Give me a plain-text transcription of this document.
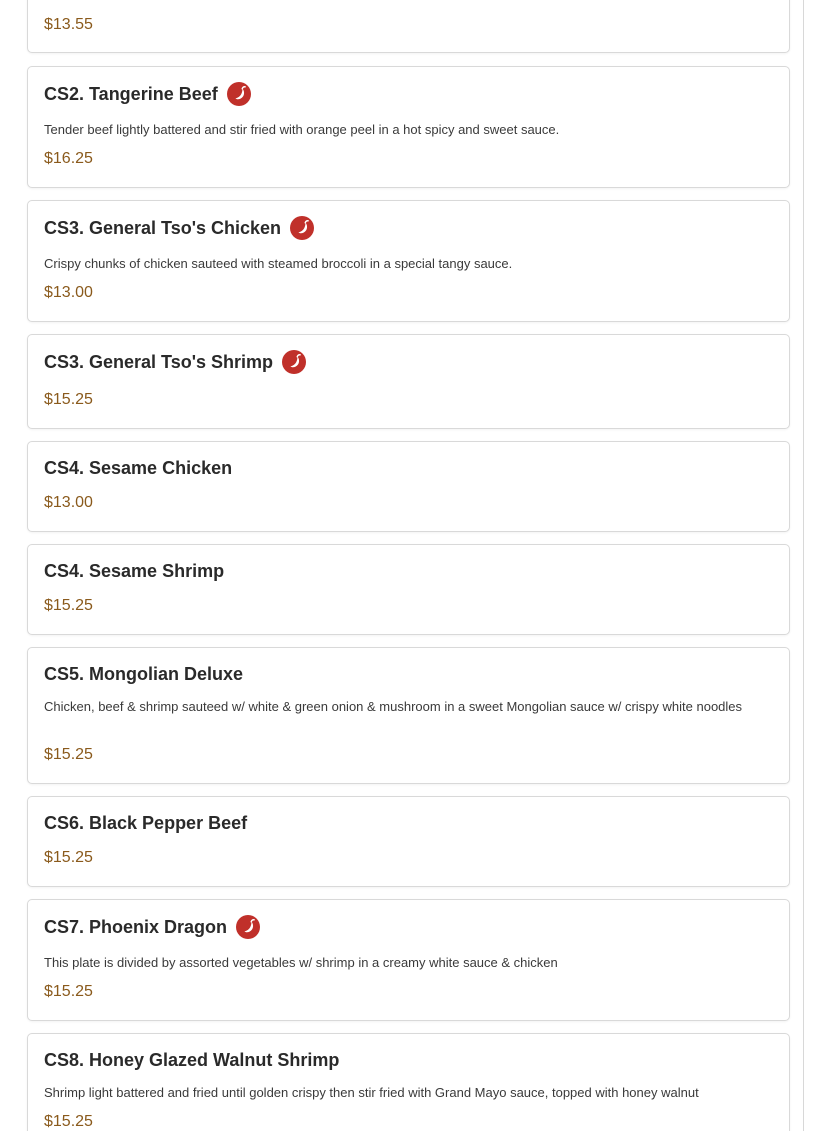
$13.55
CS2. Tangerine Beef
Tender beef lightly battered and stir fried with orange peel in a hot spicy and sweet sauce.
$16.25
CS3. General Tso's Chicken
Crispy chunks of chicken sauteed with steamed broccoli in a special tangy sauce.
$13.00
CS3. General Tso's Shrimp
$15.25
CS4. Sesame Chicken
$13.00
CS4. Sesame Shrimp
$15.25
CS5. Mongolian Deluxe
Chicken, beef & shrimp sauteed w/ white & green onion & mushroom in a sweet Mongolian sauce w/ crispy white noodles
$15.25
CS6. Black Pepper Beef
$15.25
CS7. Phoenix Dragon
This plate is divided by assorted vegetables w/ shrimp in a creamy white sauce & chicken
$15.25
CS8. Honey Glazed Walnut Shrimp
Shrimp light battered and fried until golden crispy then stir fried with Grand Mayo sauce, topped with honey walnut
$15.25
